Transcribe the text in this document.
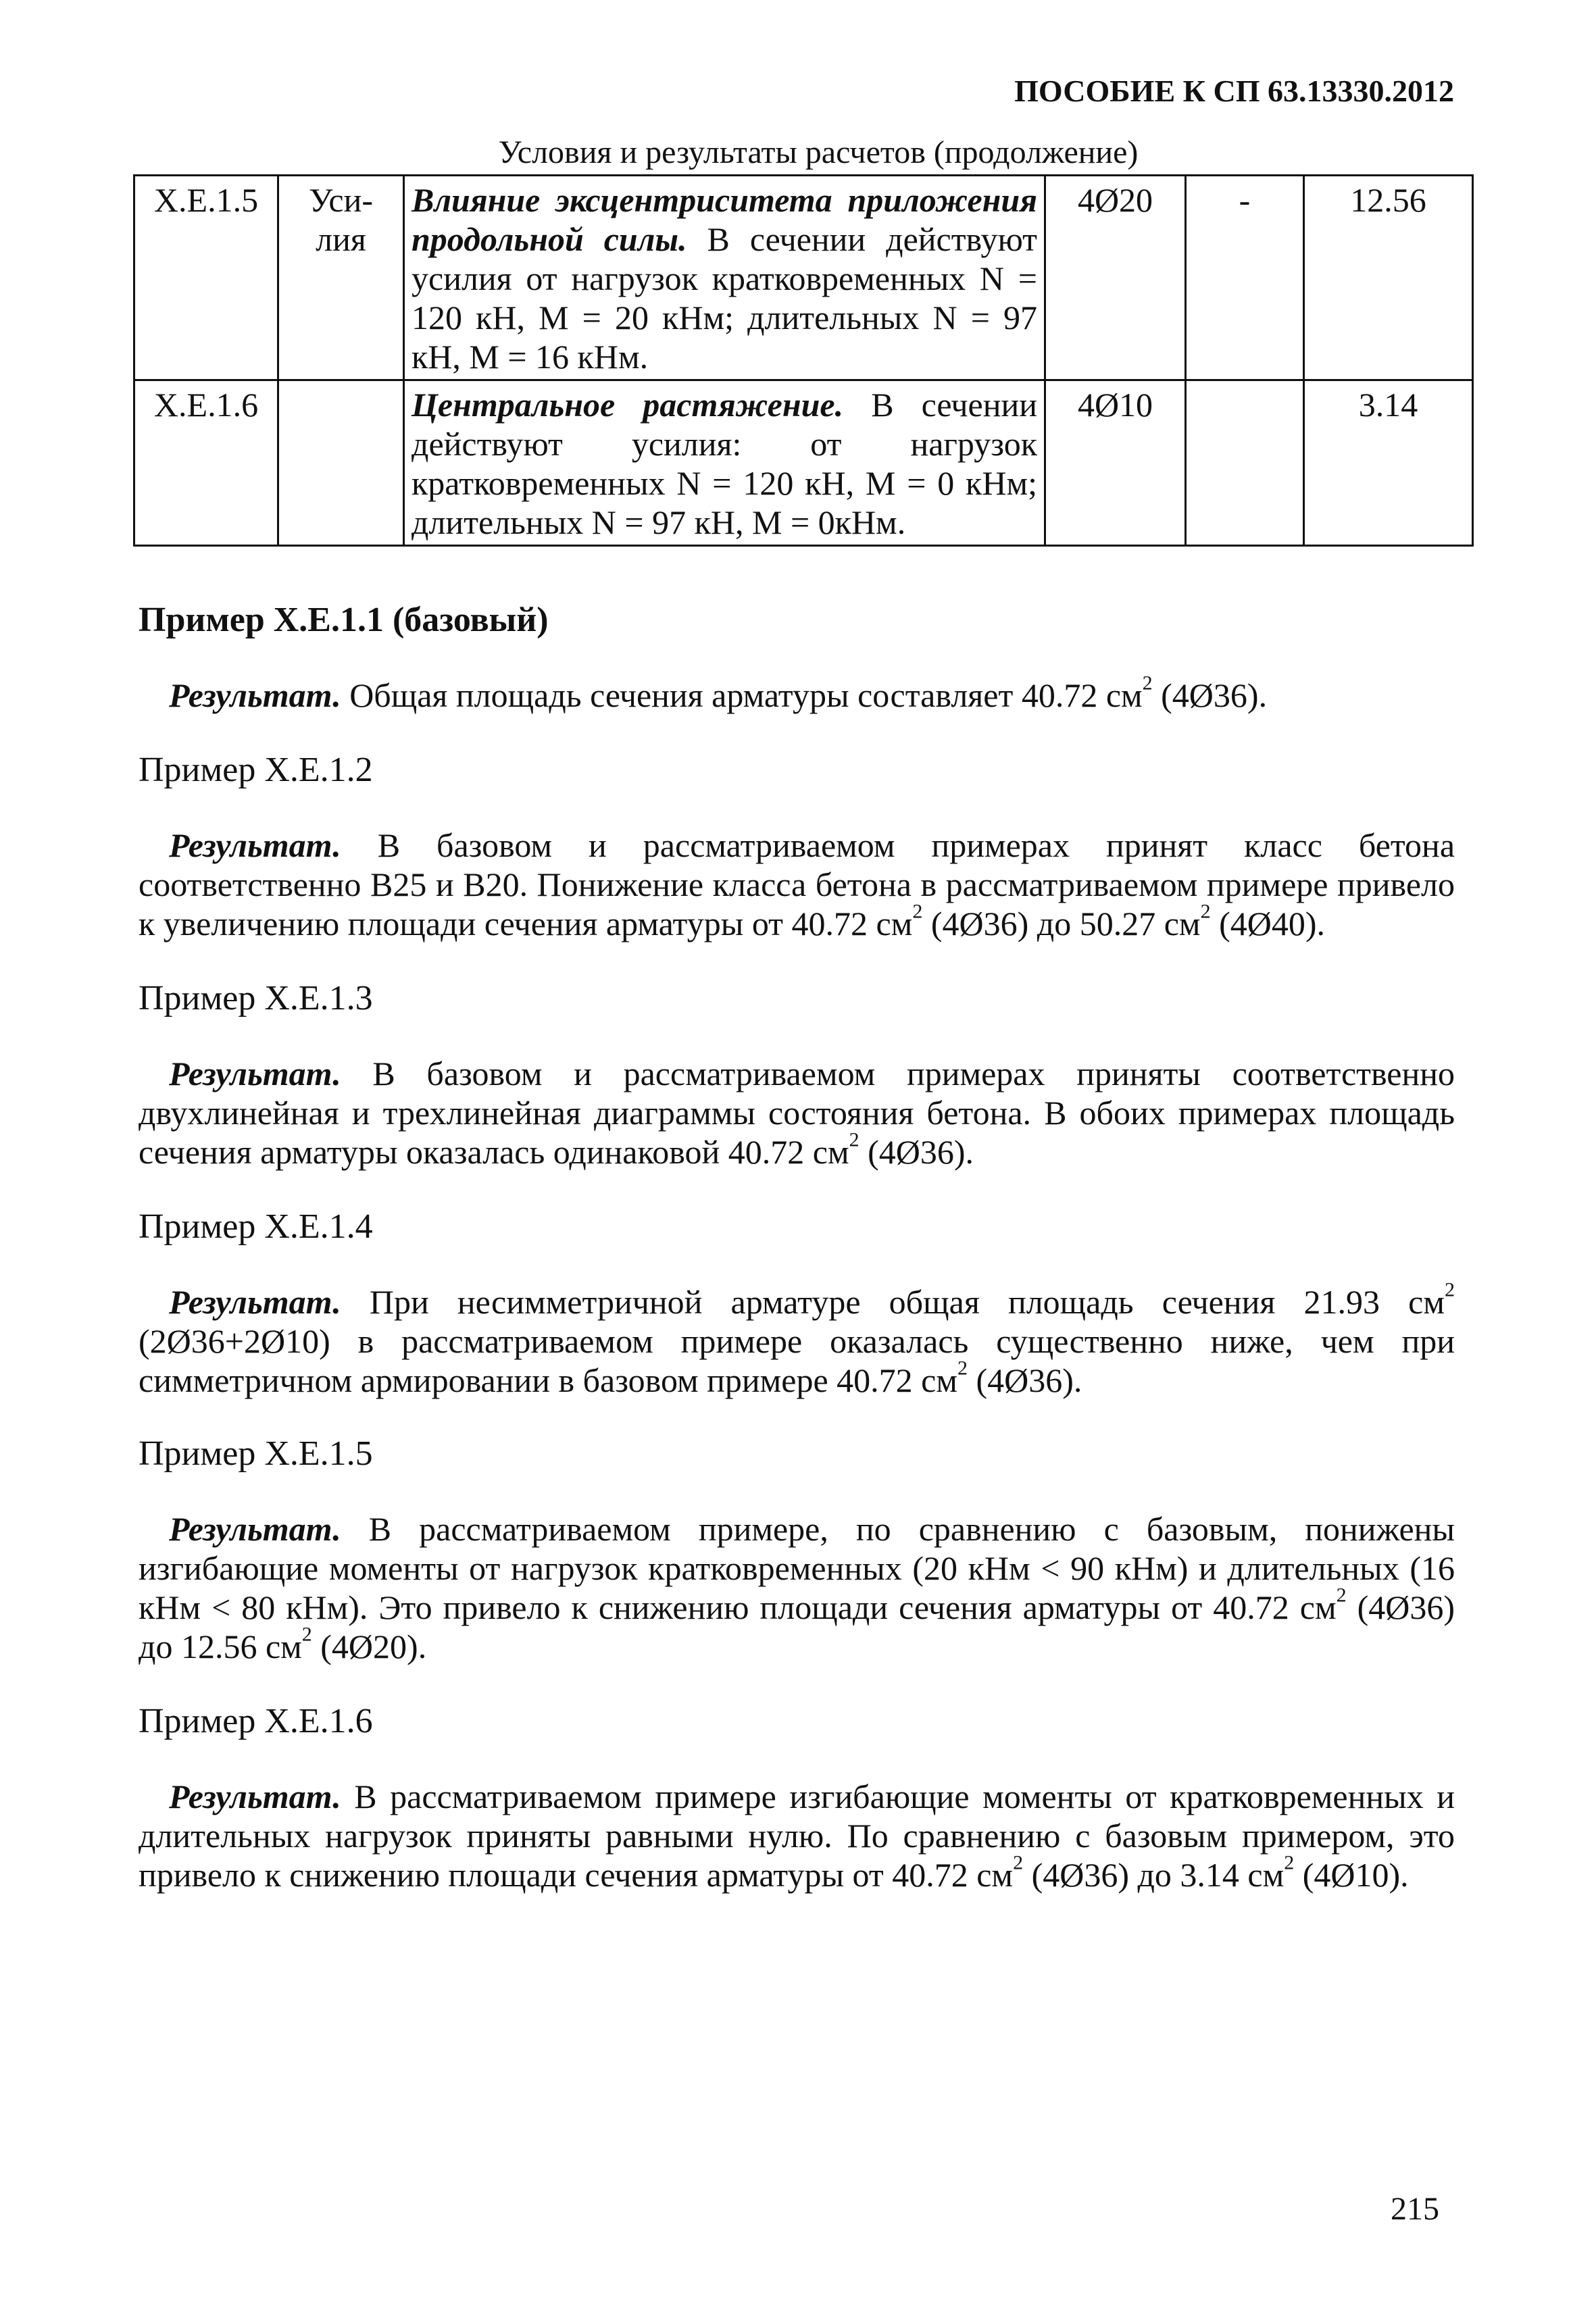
ПОСОБИЕ К СП 63.13330.2012
Условия и результаты расчетов (продолжение)
Х.Е.1.5	Уси-лия	Влияние эксцентриситета приложения продольной силы. В сечении действуют усилия от нагрузок кратковременных N = 120 кН, М = 20 кНм; длительных N = 97 кН, М = 16 кНм.	4Ø20	-	12.56
Х.Е.1.6		Центральное растяжение. В сечении действуют усилия: от нагрузок кратковременных N = 120 кН, М = 0 кНм; длительных N = 97 кН, М = 0кНм.	4Ø10		3.14

Пример Х.Е.1.1 (базовый)

Результат. Общая площадь сечения арматуры составляет 40.72 $см^2$ (4Ø36).

Пример Х.Е.1.2

Результат. В базовом и рассматриваемом примерах принят класс бетона соответственно В25 и В20. Понижение класса бетона в рассматриваемом примере привело к увеличению площади сечения арматуры от 40.72 $см^2$ (4Ø36) до 50.27 $см^2$ (4Ø40).

Пример Х.Е.1.3

Результат. В базовом и рассматриваемом примерах приняты соответственно двухлинейная и трехлинейная диаграммы состояния бетона. В обоих примерах площадь сечения арматуры оказалась одинаковой 40.72 $см^2$ (4Ø36).

Пример Х.Е.1.4

Результат. При несимметричной арматуре общая площадь сечения 21.93 $см^2$ (2Ø36+2Ø10) в рассматриваемом примере оказалась существенно ниже, чем при симметричном армировании в базовом примере 40.72 $см^2$ (4Ø36).

Пример Х.Е.1.5

Результат. В рассматриваемом примере, по сравнению с базовым, понижены изгибающие моменты от нагрузок кратковременных (20 кНм < 90 кНм) и длительных (16 кНм < 80 кНм). Это привело к снижению площади сечения арматуры от 40.72 $см^2$ (4Ø36) до 12.56 $см^2$ (4Ø20).

Пример Х.Е.1.6

Результат. В рассматриваемом примере изгибающие моменты от кратковременных и длительных нагрузок приняты равными нулю. По сравнению с базовым примером, это привело к снижению площади сечения арматуры от 40.72 $см^2$ (4Ø36) до 3.14 $см^2$ (4Ø10).

215
